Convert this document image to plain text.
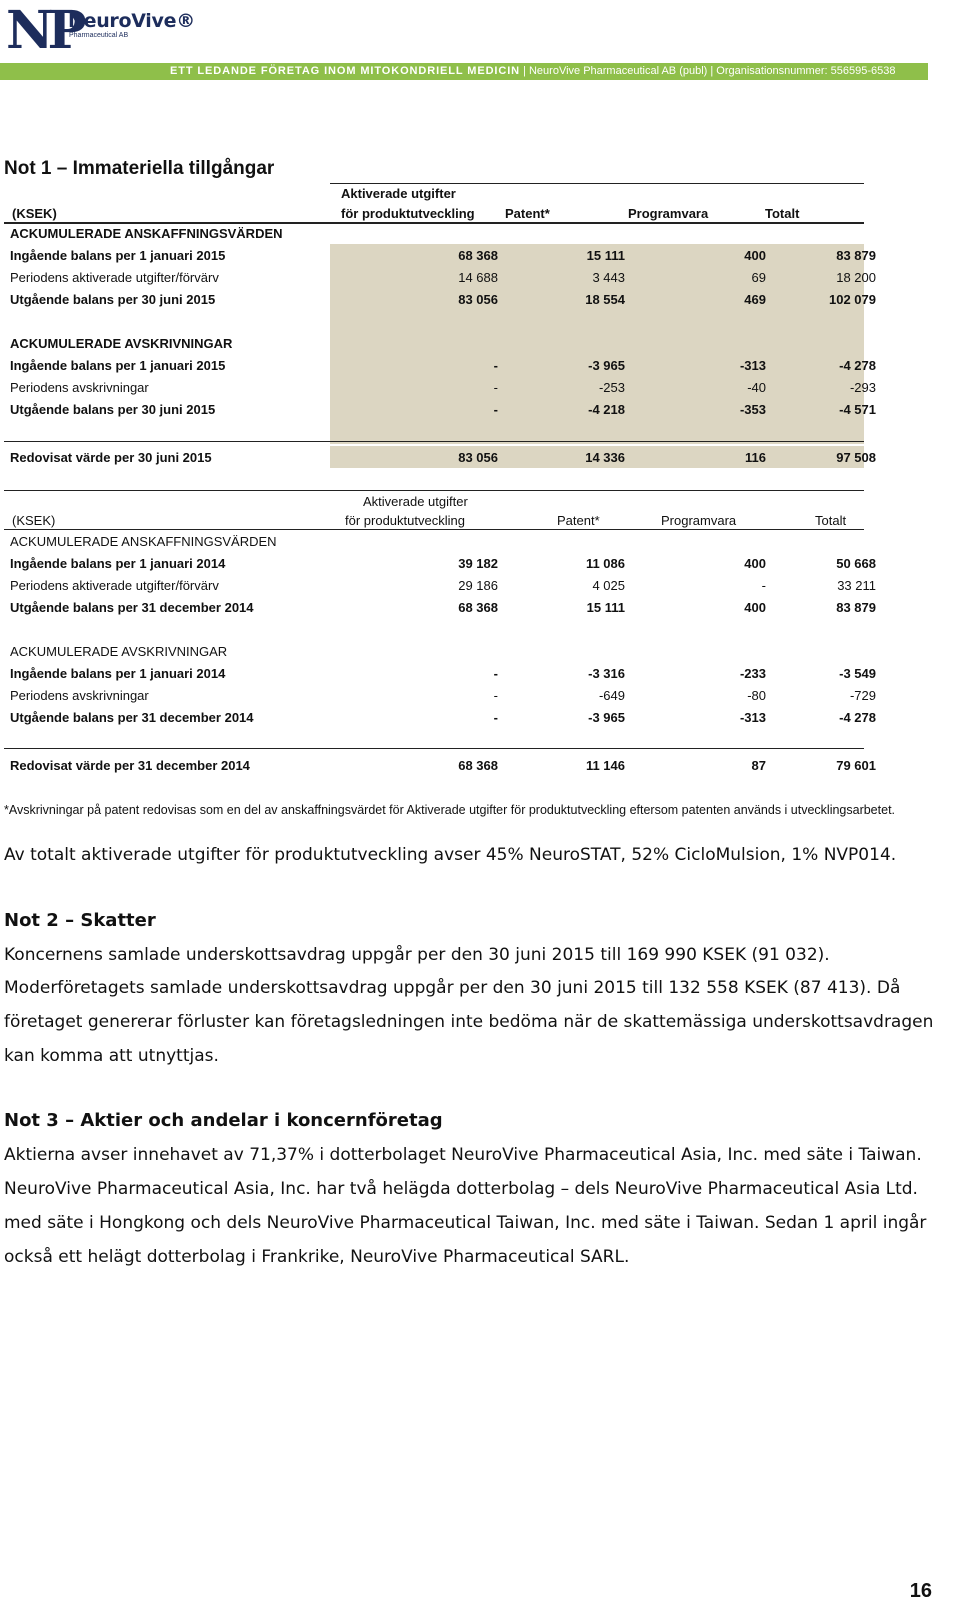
NP
NeuroVive®
Pharmaceutical AB
ETT LEDANDE FÖRETAG INOM MITOKONDRIELL MEDICIN | NeuroVive Pharmaceutical AB (publ) | Organisationsnummer: 556595-6538
Not 1 – Immateriella tillgångar
Aktiverade utgifter
(KSEK)	för produktutveckling Patent*	Programvara	Totalt
ACKUMULERADE ANSKAFFNINGSVÄRDEN
Ingående balans per 1 januari 2015	68 368	15 111	400	83 879
Periodens aktiverade utgifter/förvärv	14 688	3 443	69	18 200
Utgående balans per 30 juni 2015	83 056	18 554	469	102 079
ACKUMULERADE AVSKRIVNINGAR
Ingående balans per 1 januari 2015	-	-3 965	-313	-4 278
Periodens avskrivningar	-	-253	-40	-293
Utgående balans per 30 juni 2015	-	-4 218	-353	-4 571
Redovisat värde per 30 juni 2015	83 056	14 336	116	97 508
Aktiverade utgifter
(KSEK)	för produktutveckling	Patent*	Programvara	Totalt
ACKUMULERADE ANSKAFFNINGSVÄRDEN
Ingående balans per 1 januari 2014	39 182	11 086	400	50 668
Periodens aktiverade utgifter/förvärv	29 186	4 025	-	33 211
Utgående balans per 31 december 2014	68 368	15 111	400	83 879
ACKUMULERADE AVSKRIVNINGAR
Ingående balans per 1 januari 2014	-	-3 316	-233	-3 549
Periodens avskrivningar	-	-649	-80	-729
Utgående balans per 31 december 2014	-	-3 965	-313	-4 278
Redovisat värde per 31 december 2014	68 368	11 146	87	79 601
*Avskrivningar på patent redovisas som en del av anskaffningsvärdet för Aktiverade utgifter för produktutveckling eftersom patenten används i utvecklingsarbetet.
Av totalt aktiverade utgifter för produktutveckling avser 45% NeuroSTAT, 52% CicloMulsion, 1% NVP014.
Not 2 – Skatter
Koncernens samlade underskottsavdrag uppgår per den 30 juni 2015 till 169 990 KSEK (91 032).
Moderföretagets samlade underskottsavdrag uppgår per den 30 juni 2015 till 132 558 KSEK (87 413). Då företaget genererar förluster kan företagsledningen inte bedöma när de skattemässiga underskottsavdragen kan komma att utnyttjas.
Not 3 – Aktier och andelar i koncernföretag
Aktierna avser innehavet av 71,37% i dotterbolaget NeuroVive Pharmaceutical Asia, Inc. med säte i Taiwan. NeuroVive Pharmaceutical Asia, Inc. har två helägda dotterbolag – dels NeuroVive Pharmaceutical Asia Ltd. med säte i Hongkong och dels NeuroVive Pharmaceutical Taiwan, Inc. med säte i Taiwan. Sedan 1 april ingår också ett helägt dotterbolag i Frankrike, NeuroVive Pharmaceutical SARL.
16
